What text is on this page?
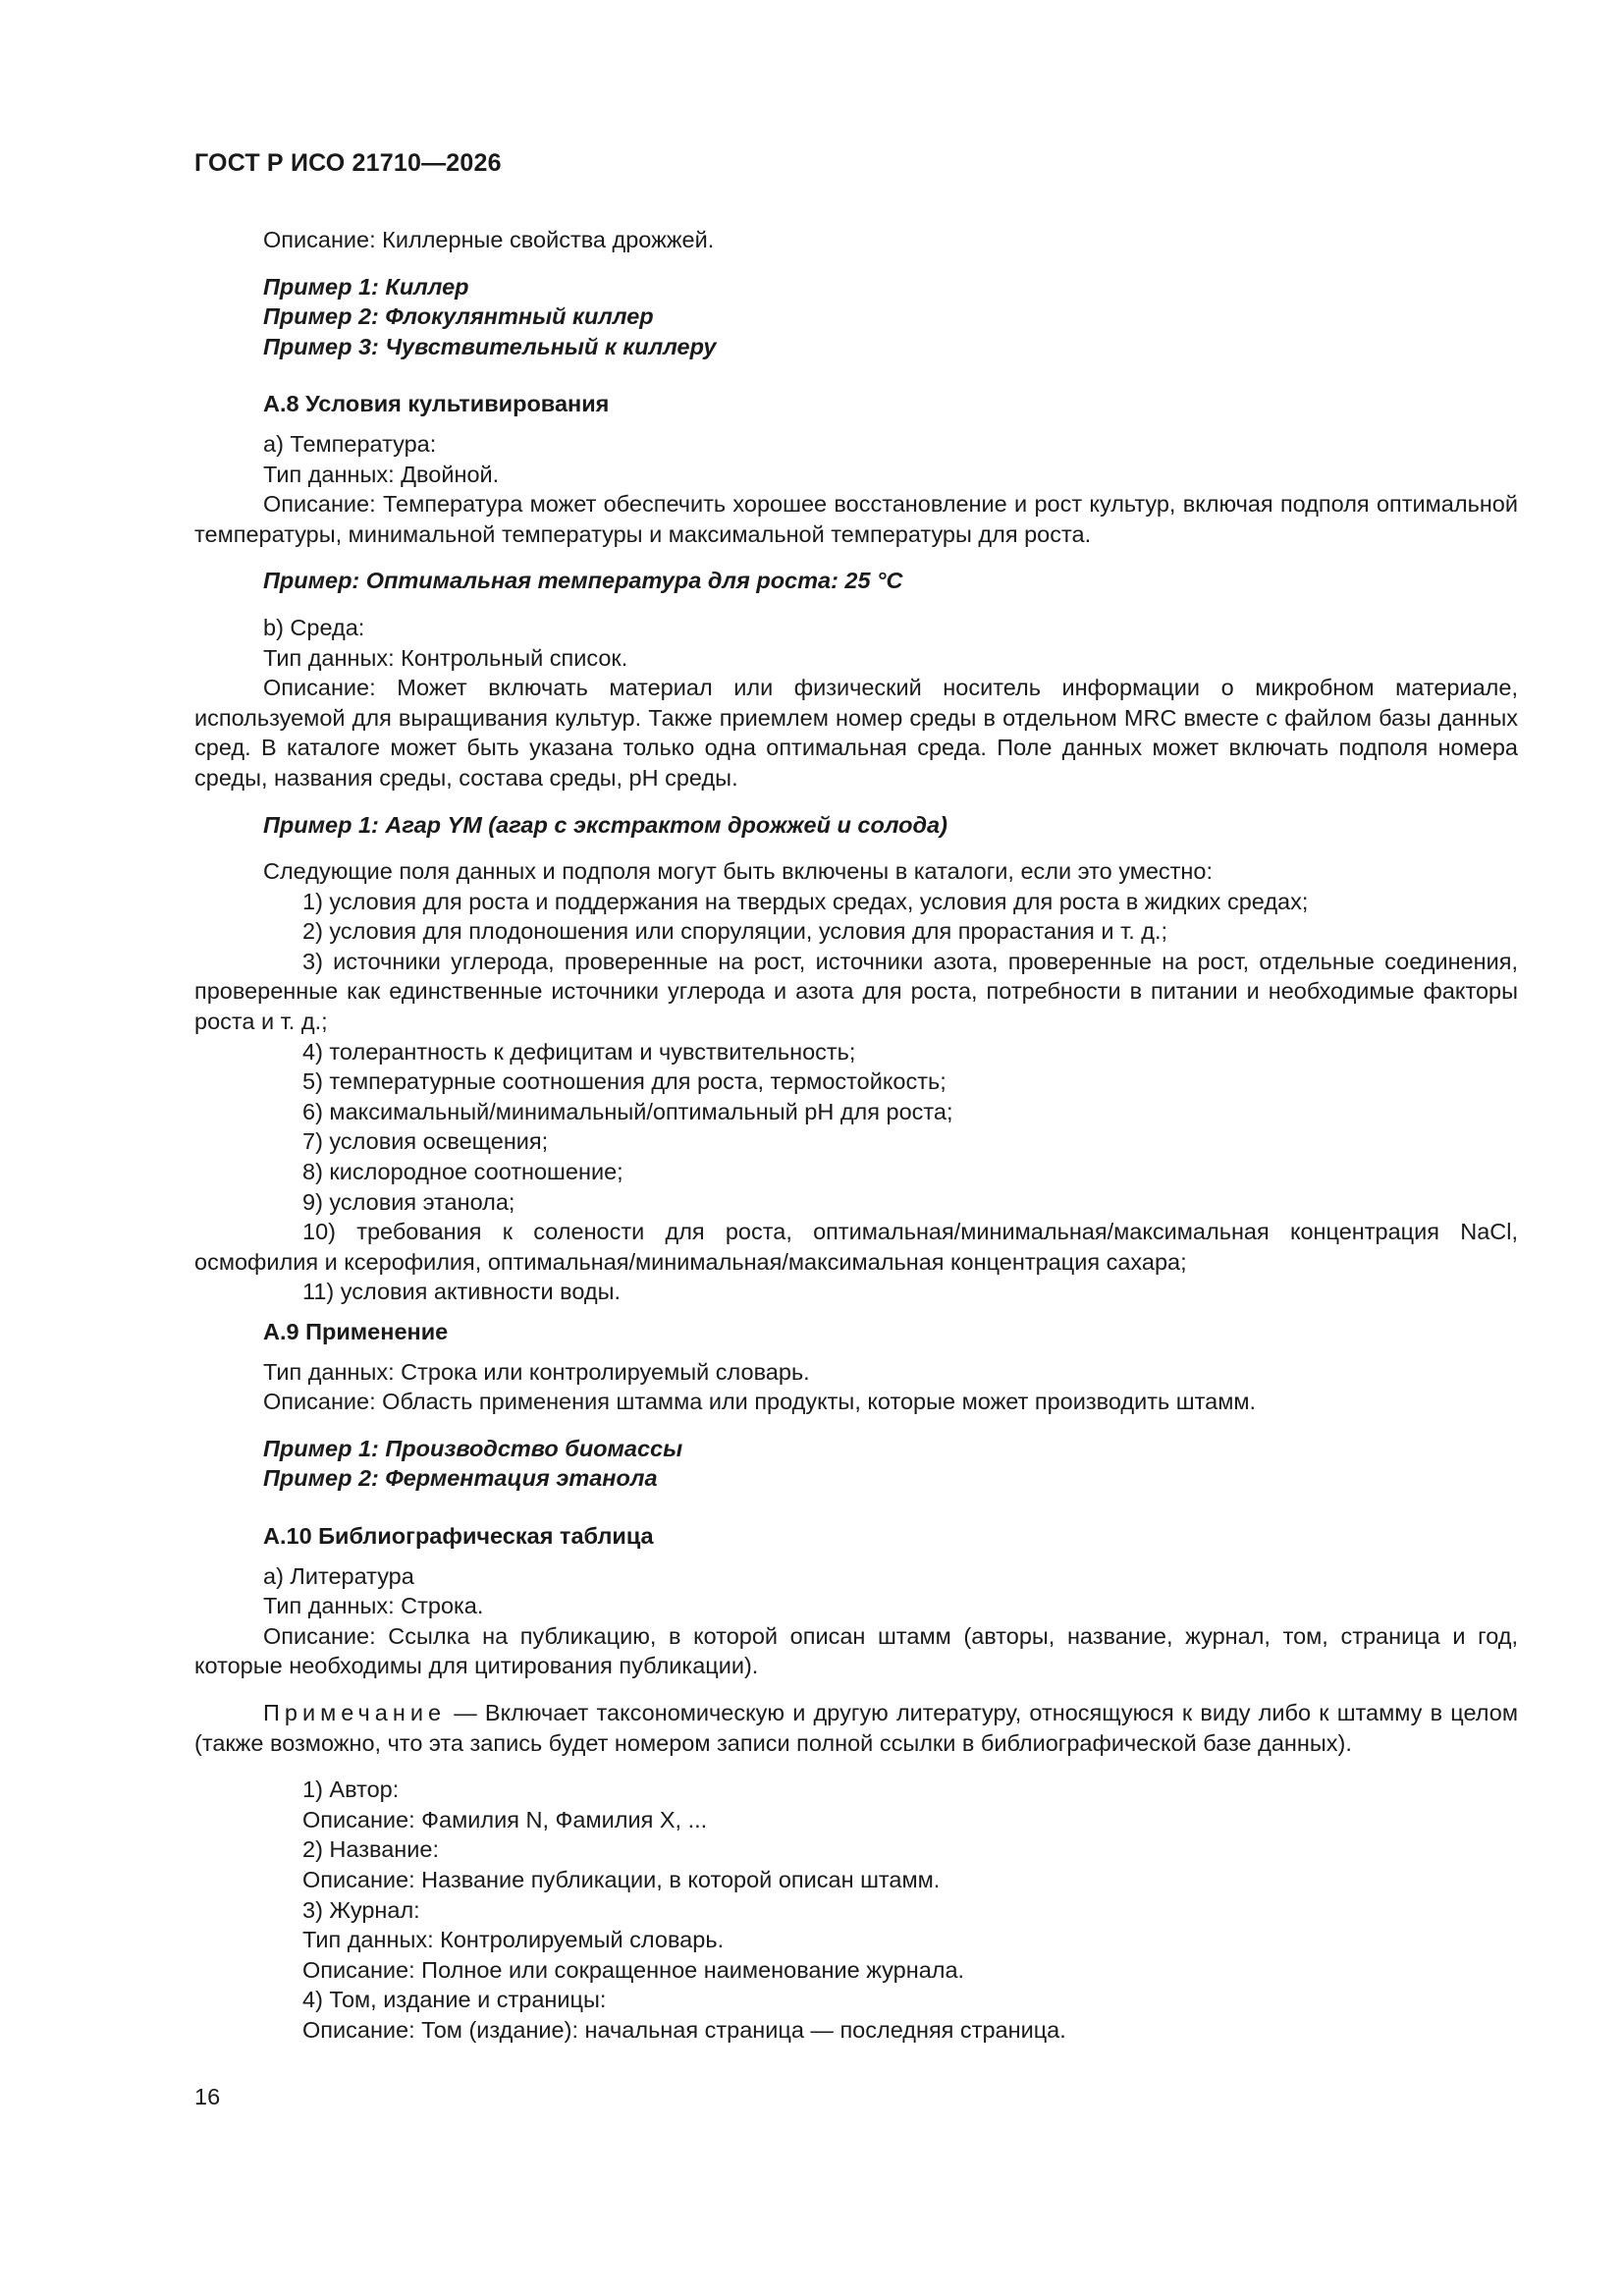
ГОСТ Р ИСО 21710—2026

Описание: Киллерные свойства дрожжей.

Пример 1: Киллер

Пример 2: Флокулянтный киллер

Пример 3: Чувствительный к киллеру

А.8 Условия культивирования

а) Температура:

Тип данных: Двойной.

Описание: Температура может обеспечить хорошее восстановление и рост культур, включая подполя оптимальной температуры, минимальной температуры и максимальной температуры для роста.

Пример: Оптимальная температура для роста: 25 °С

b) Среда:

Тип данных: Контрольный список.

Описание: Может включать материал или физический носитель информации о микробном материале, используемой для выращивания культур. Также приемлем номер среды в отдельном MRC вместе с файлом базы данных сред. В каталоге может быть указана только одна оптимальная среда. Поле данных может включать подполя номера среды, названия среды, состава среды, pH среды.

Пример 1: Агар YM (агар с экстрактом дрожжей и солода)

Следующие поля данных и подполя могут быть включены в каталоги, если это уместно:

1) условия для роста и поддержания на твердых средах, условия для роста в жидких средах;

2) условия для плодоношения или споруляции, условия для прорастания и т. д.;

3) источники углерода, проверенные на рост, источники азота, проверенные на рост, отдельные соединения, проверенные как единственные источники углерода и азота для роста, потребности в питании и необходимые факторы роста и т. д.;

4) толерантность к дефицитам и чувствительность;

5) температурные соотношения для роста, термостойкость;

6) максимальный/минимальный/оптимальный pH для роста;

7) условия освещения;

8) кислородное соотношение;

9) условия этанола;

10) требования к солености для роста, оптимальная/минимальная/максимальная концентрация NaCl, осмофилия и ксерофилия, оптимальная/минимальная/максимальная концентрация сахара;

11) условия активности воды.

А.9 Применение

Тип данных: Строка или контролируемый словарь.

Описание: Область применения штамма или продукты, которые может производить штамм.

Пример 1: Производство биомассы

Пример 2: Ферментация этанола

А.10 Библиографическая таблица

а) Литература

Тип данных: Строка.

Описание: Ссылка на публикацию, в которой описан штамм (авторы, название, журнал, том, страница и год, которые необходимы для цитирования публикации).

Примечание — Включает таксономическую и другую литературу, относящуюся к виду либо к штамму в целом (также возможно, что эта запись будет номером записи полной ссылки в библиографической базе данных).

1) Автор:

Описание: Фамилия N, Фамилия X, ...

2) Название:

Описание: Название публикации, в которой описан штамм.

3) Журнал:

Тип данных: Контролируемый словарь.

Описание: Полное или сокращенное наименование журнала.

4) Том, издание и страницы:

Описание: Том (издание): начальная страница — последняя страница.

16
